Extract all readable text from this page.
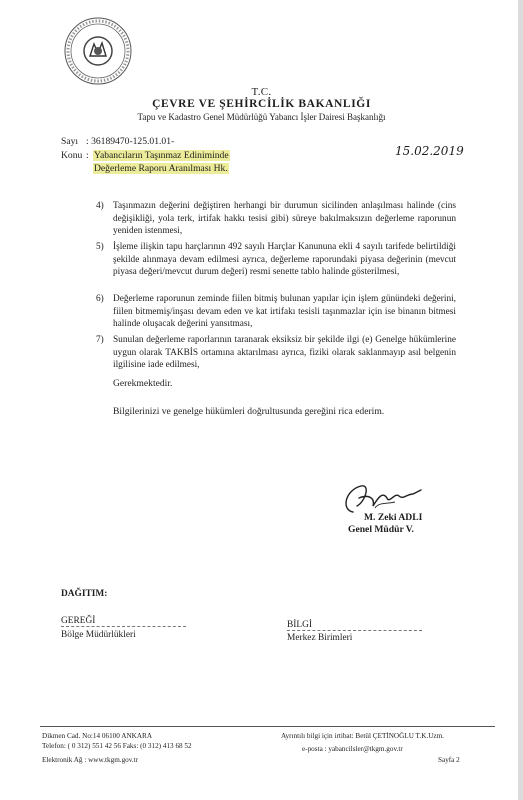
T.C.
ÇEVRE VE ŞEHİRCİLİK BAKANLIĞI
Tapu ve Kadastro Genel Müdürlüğü Yabancı İşler Dairesi Başkanlığı
Sayı : 36189470-125.01.01-
Konu : Yabancıların Taşınmaz Ediniminde
Değerleme Raporu Aranılması Hk.
15.02.2019
4) Taşınmazın değerini değiştiren herhangi bir durumun sicilinden anlaşılması halinde (cins değişikliği, yola terk, irtifak hakkı tesisi gibi) süreye bakılmaksızın değerleme raporunun yeniden istenmesi,
5) İşleme ilişkin tapu harçlarının 492 sayılı Harçlar Kanununa ekli 4 sayılı tarifede belirtildiği şekilde alınmaya devam edilmesi ayrıca, değerleme raporundaki piyasa değerinin (mevcut piyasa değeri/mevcut durum değeri) resmi senette tablo halinde gösterilmesi,
6) Değerleme raporunun zeminde fiilen bitmiş bulunan yapılar için işlem günündeki değerini, fiilen bitmemiş/inşası devam eden ve kat irtifakı tesisli taşınmazlar için ise binanın bitmesi halinde oluşacak değerini yansıtması,
7) Sunulan değerleme raporlarının taranarak eksiksiz bir şekilde ilgi (e) Genelge hükümlerine uygun olarak TAKBİS ortamına aktarılması ayrıca, fiziki olarak saklanmayıp asıl belgenin ilgilisine iade edilmesi,
Gerekmektedir.
Bilgilerinizi ve genelge hükümleri doğrultusunda gereğini rica ederim.
M. Zeki ADLI
Genel Müdür V.
DAĞITIM:
GEREĞİ
Bölge Müdürlükleri
BİLGİ
Merkez Birimleri
Dikmen Cad. No:14 06100 ANKARA
Telefon: ( 0 312) 551 42 56 Faks: (0 312) 413 68 52
Elektronik Ağ : www.tkgm.gov.tr
Ayrıntılı bilgi için irtibat: Betül ÇETİNOĞLU T.K.Uzm.
e-posta : yabancilsler@tkgm.gov.tr
Sayfa 2
